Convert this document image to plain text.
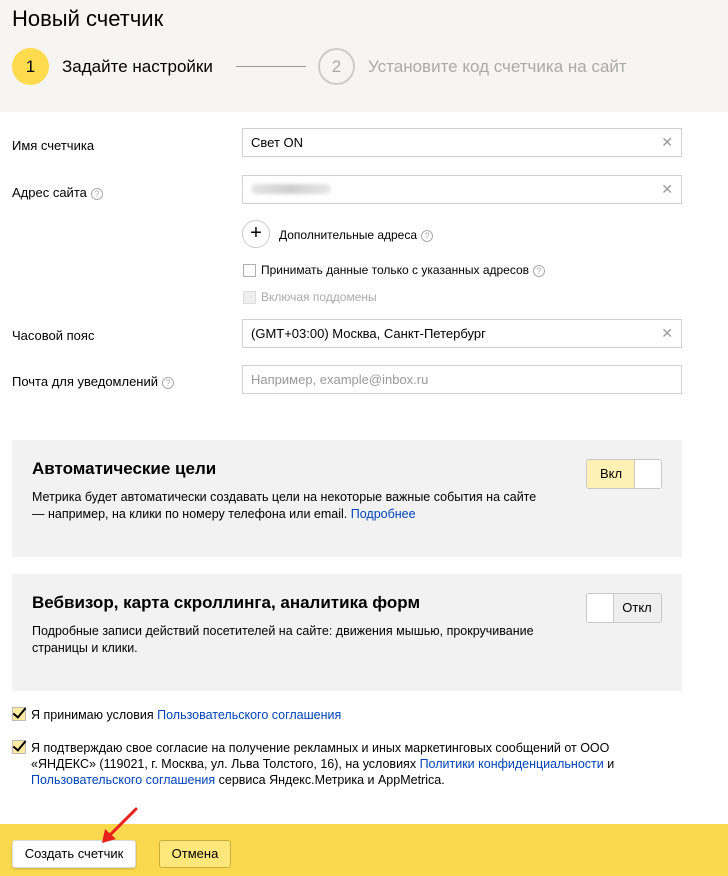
Новый счетчик
1	Задайте настройки	2	Установите код счетчика на сайт
Имя счетчика	Свет ON	✕
Адрес сайта ?	✕
+	Дополнительные адреса ?
Принимать данные только с указанных адресов ?
Включая поддомены
Часовой пояс	(GMT+03:00) Москва, Санкт-Петербург	✕
Почта для уведомлений ?	Например, example@inbox.ru
Автоматические цели
Метрика будет автоматически создавать цели на некоторые важные события на сайте — например, на клики по номеру телефона или email. Подробнее
Вкл
Вебвизор, карта скроллинга, аналитика форм
Подробные записи действий посетителей на сайте: движения мышью, прокручивание страницы и клики.
Откл
Я принимаю условия Пользовательского соглашения
Я подтверждаю свое согласие на получение рекламных и иных маркетинговых сообщений от ООО «ЯНДЕКС» (119021, г. Москва, ул. Льва Толстого, 16), на условиях Политики конфиденциальности и Пользовательского соглашения сервиса Яндекс.Метрика и AppMetrica.
Создать счетчик	Отмена
